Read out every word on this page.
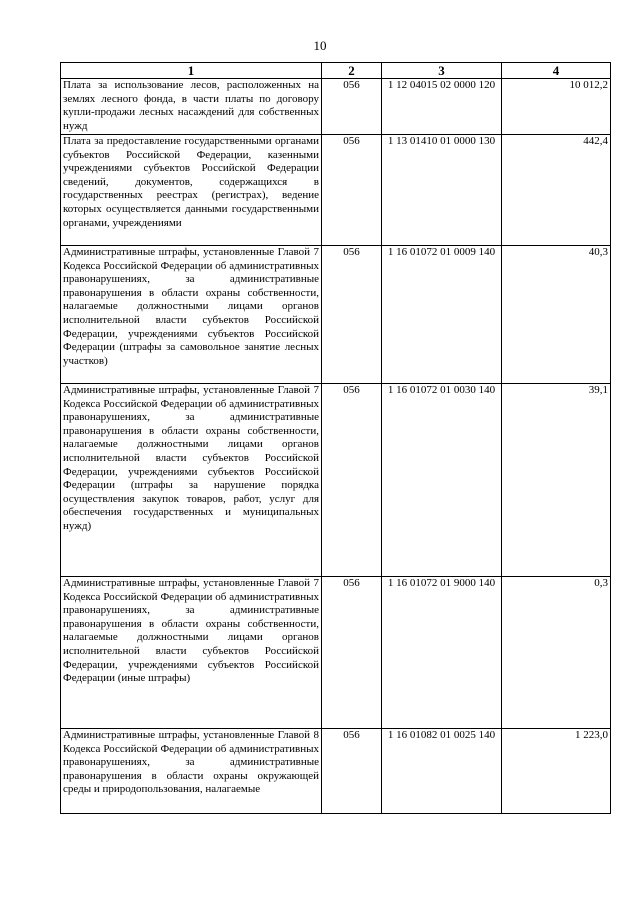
10
1	2	3	4
Плата за использование лесов, расположенных на землях лесного фонда, в части платы по договору купли-продажи лесных насаждений для собственных нужд	056	1 12 04015 02 0000 120	10 012,2
Плата за предоставление государственными органами субъектов Российской Федерации, казенными учреждениями субъектов Российской Федерации сведений, документов, содержащихся в государственных реестрах (регистрах), ведение которых осуществляется данными государственными органами, учреждениями	056	1 13 01410 01 0000 130	442,4
Административные штрафы, установленные Главой 7 Кодекса Российской Федерации об административных правонарушениях, за административные правонарушения в области охраны собственности, налагаемые должностными лицами органов исполнительной власти субъектов Российской Федерации, учреждениями субъектов Российской Федерации (штрафы за самовольное занятие лесных участков)	056	1 16 01072 01 0009 140	40,3
Административные штрафы, установленные Главой 7 Кодекса Российской Федерации об административных правонарушениях, за административные правонарушения в области охраны собственности, налагаемые должностными лицами органов исполнительной власти субъектов Российской Федерации, учреждениями субъектов Российской Федерации (штрафы за нарушение порядка осуществления закупок товаров, работ, услуг для обеспечения государственных и муниципальных нужд)	056	1 16 01072 01 0030 140	39,1
Административные штрафы, установленные Главой 7 Кодекса Российской Федерации об административных правонарушениях, за административные правонарушения в области охраны собственности, налагаемые должностными лицами органов исполнительной власти субъектов Российской Федерации, учреждениями субъектов Российской Федерации (иные штрафы)	056	1 16 01072 01 9000 140	0,3
Административные штрафы, установленные Главой 8 Кодекса Российской Федерации об административных правонарушениях, за административные правонарушения в области охраны окружающей среды и природопользования, налагаемые	056	1 16 01082 01 0025 140	1 223,0
